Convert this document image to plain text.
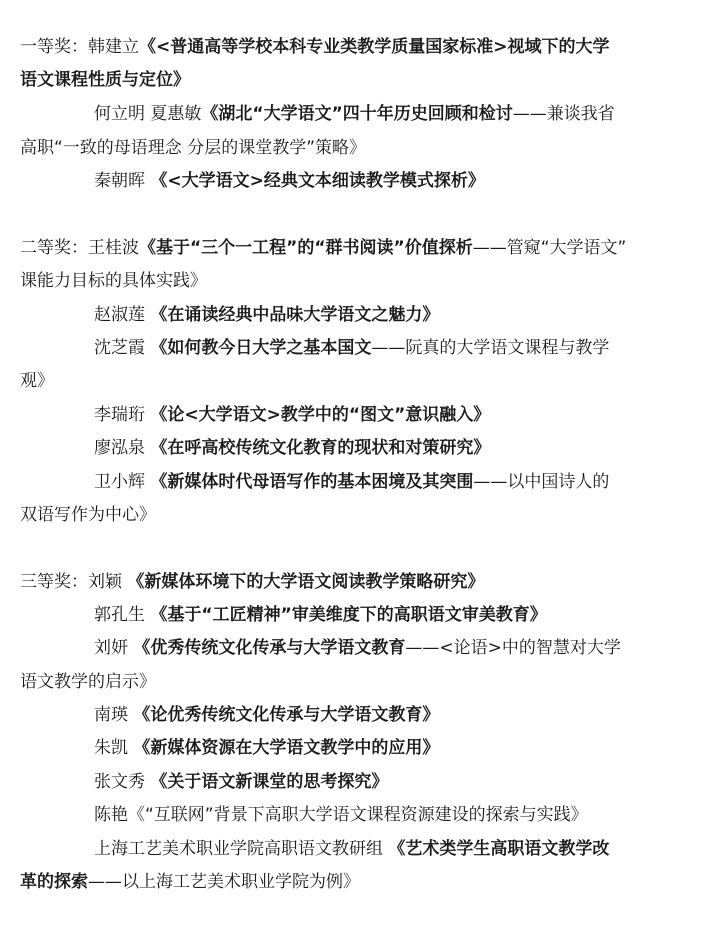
一等奖：韩建立《<普通高等学校本科专业类教学质量国家标准>视域下的大学
语文课程性质与定位》
何立明 夏惠敏《湖北“大学语文”四十年历史回顾和检讨——兼谈我省
高职“一致的母语理念 分层的课堂教学”策略》
秦朝晖 《<大学语文>经典文本细读教学模式探析》
二等奖：王桂波《基于“三个一工程”的“群书阅读”价值探析——管窥“大学语文”
课能力目标的具体实践》
赵淑莲 《在诵读经典中品味大学语文之魅力》
沈芝霞 《如何教今日大学之基本国文——阮真的大学语文课程与教学
观》
李瑞珩 《论<大学语文>教学中的“图文”意识融入》
廖泓泉 《在呼高校传统文化教育的现状和对策研究》
卫小辉 《新媒体时代母语写作的基本困境及其突围——以中国诗人的
双语写作为中心》
三等奖：刘颖 《新媒体环境下的大学语文阅读教学策略研究》
郭孔生 《基于“工匠精神”审美维度下的高职语文审美教育》
刘妍 《优秀传统文化传承与大学语文教育——<论语>中的智慧对大学
语文教学的启示》
南瑛 《论优秀传统文化传承与大学语文教育》
朱凯 《新媒体资源在大学语文教学中的应用》
张文秀 《关于语文新课堂的思考探究》
陈艳《“互联网”背景下高职大学语文课程资源建设的探索与实践》
上海工艺美术职业学院高职语文教研组 《艺术类学生高职语文教学改
革的探索——以上海工艺美术职业学院为例》
